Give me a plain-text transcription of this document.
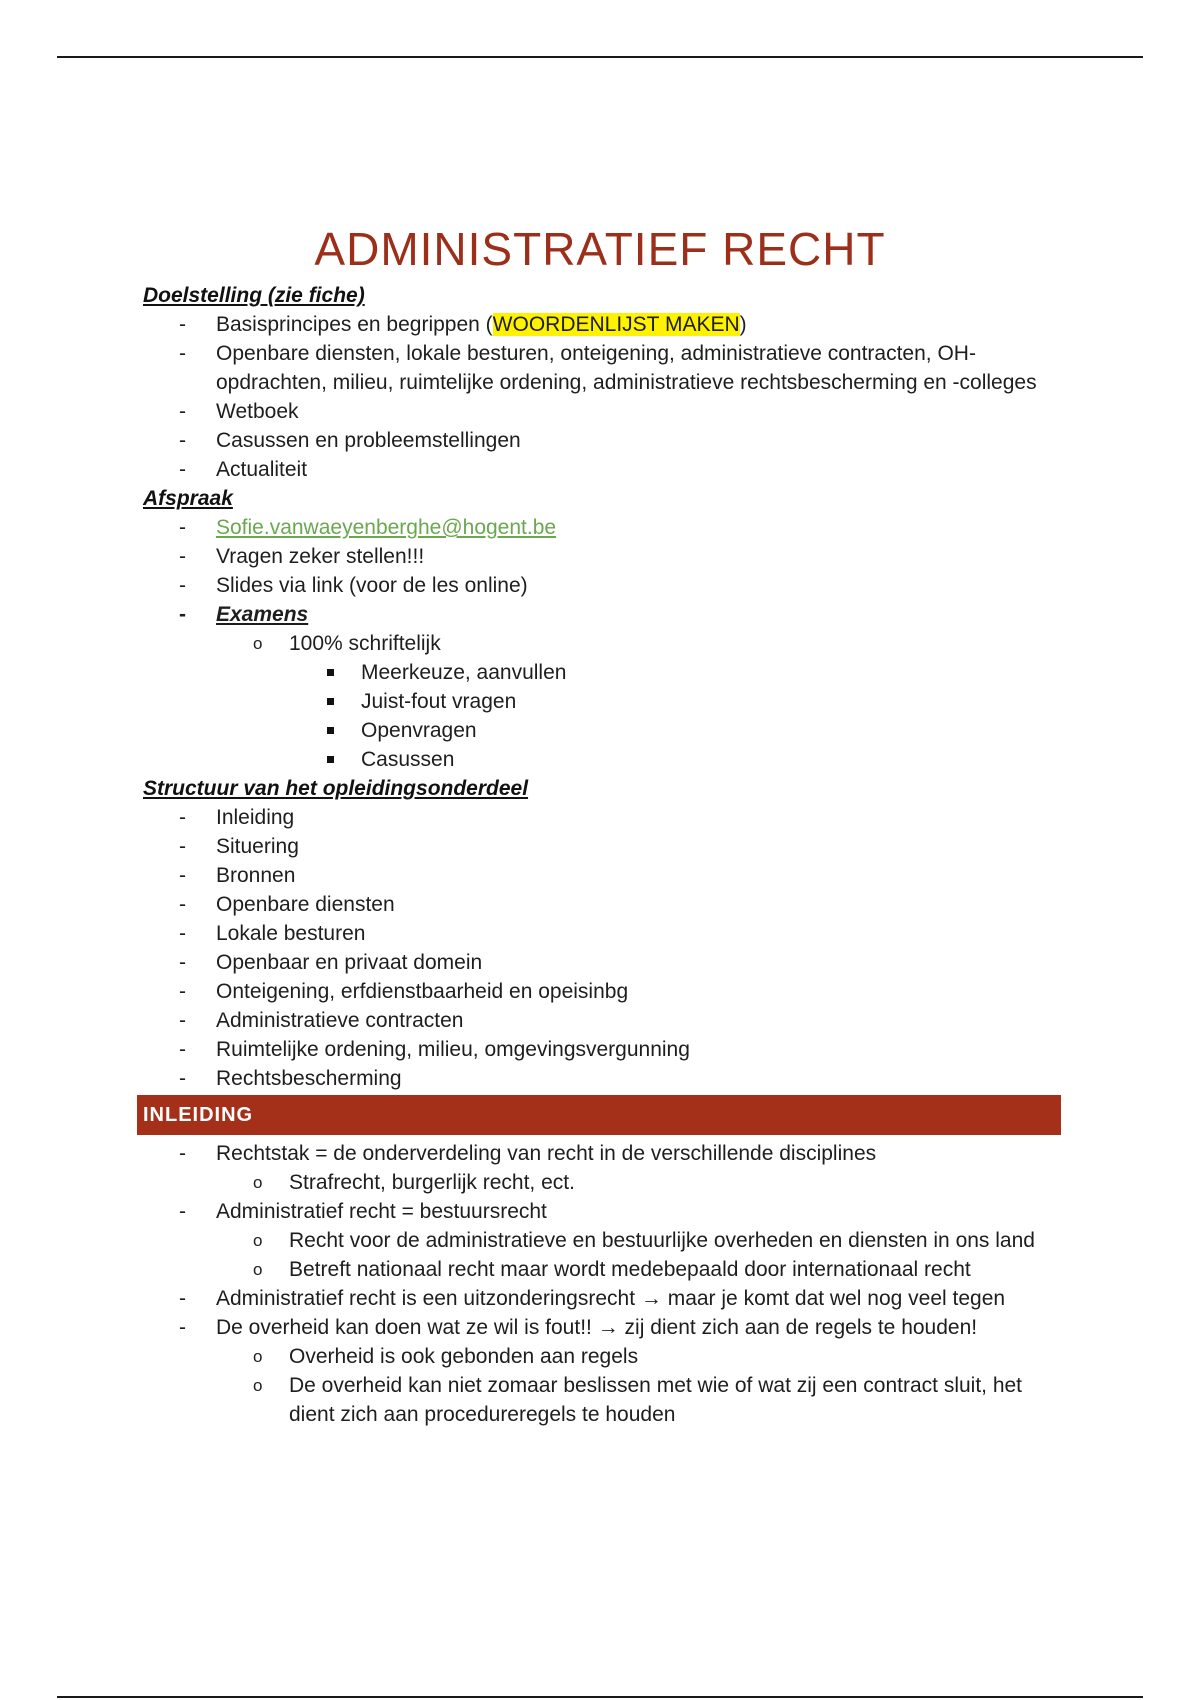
ADMINISTRATIEF RECHT
Doelstelling (zie fiche)
- Basisprincipes en begrippen (WOORDENLIJST MAKEN)
- Openbare diensten, lokale besturen, onteigening, administratieve contracten, OH-opdrachten, milieu, ruimtelijke ordening, administratieve rechtsbescherming en -colleges
- Wetboek
- Casussen en probleemstellingen
- Actualiteit
Afspraak
- Sofie.vanwaeyenberghe@hogent.be
- Vragen zeker stellen!!!
- Slides via link (voor de les online)
- Examens
o 100% schriftelijk
Meerkeuze, aanvullen
Juist-fout vragen
Openvragen
Casussen
Structuur van het opleidingsonderdeel
- Inleiding
- Situering
- Bronnen
- Openbare diensten
- Lokale besturen
- Openbaar en privaat domein
- Onteigening, erfdienstbaarheid en opeisinbg
- Administratieve contracten
- Ruimtelijke ordening, milieu, omgevingsvergunning
- Rechtsbescherming
INLEIDING
- Rechtstak = de onderverdeling van recht in de verschillende disciplines
o Strafrecht, burgerlijk recht, ect.
- Administratief recht = bestuursrecht
o Recht voor de administratieve en bestuurlijke overheden en diensten in ons land
o Betreft nationaal recht maar wordt medebepaald door internationaal recht
- Administratief recht is een uitzonderingsrecht → maar je komt dat wel nog veel tegen
- De overheid kan doen wat ze wil is fout!! → zij dient zich aan de regels te houden!
o Overheid is ook gebonden aan regels
o De overheid kan niet zomaar beslissen met wie of wat zij een contract sluit, het dient zich aan procedureregels te houden
